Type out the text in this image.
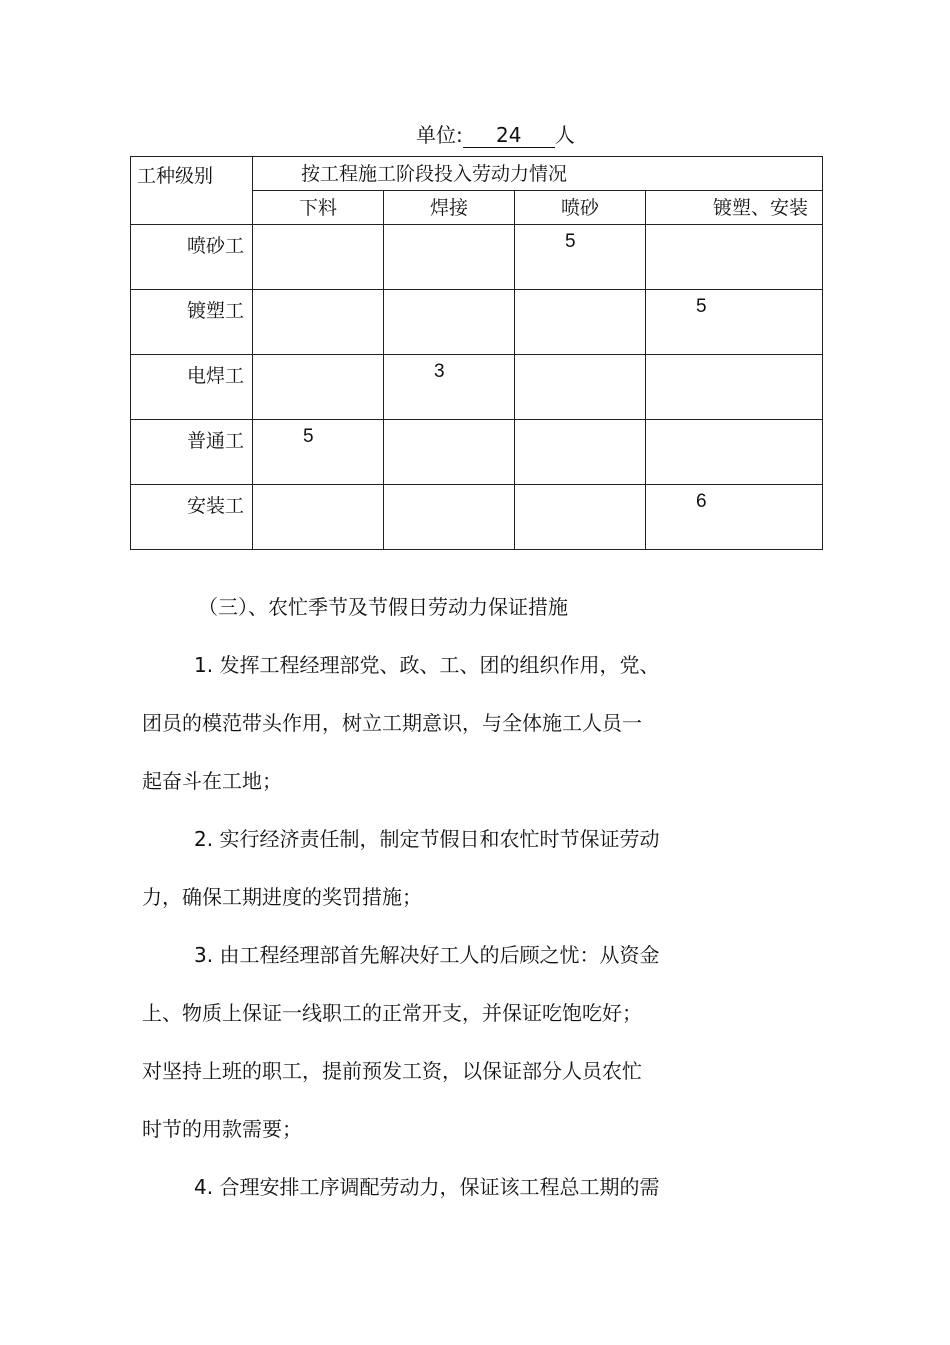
单位: 24 人
工种级别	按工程施工阶段投入劳动力情况			
	下料	焊接	喷砂	镀塑、安装
喷砂工			5	
镀塑工				5
电焊工		3		
普通工	5			
安装工				6

（三）、农忙季节及节假日劳动力保证措施

1. 发挥工程经理部党、政、工、团的组织作用，党、
团员的模范带头作用，树立工期意识，与全体施工人员一
起奋斗在工地；

2. 实行经济责任制，制定节假日和农忙时节保证劳动
力，确保工期进度的奖罚措施；

3. 由工程经理部首先解决好工人的后顾之忧：从资金
上、物质上保证一线职工的正常开支，并保证吃饱吃好；
对坚持上班的职工，提前预发工资，以保证部分人员农忙
时节的用款需要；

4. 合理安排工序调配劳动力，保证该工程总工期的需
